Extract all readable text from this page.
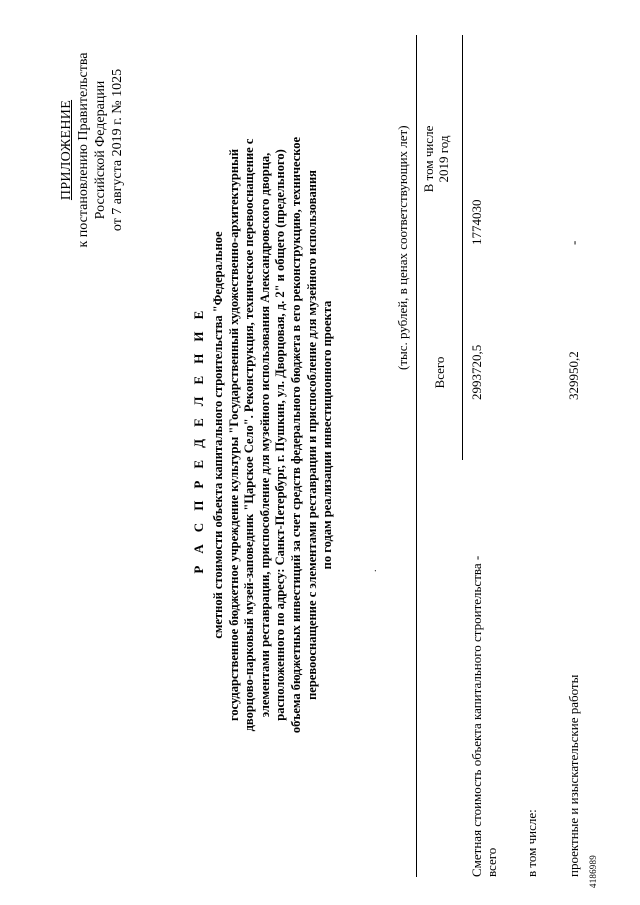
4186989
ПРИЛОЖЕНИЕ к постановлению Правительства Российской Федерации от 7 августа 2019 г. № 1025
Р А С П Р Е Д Е Л Е Н И Е сметной стоимости объекта капитального строительства "Федеральное государственное бюджетное учреждение культуры "Государственный художественно-архитектурный дворцово-парковый музей-заповедник "Царское Село". Реконструкция, техническое перевооснащение с элементами реставрации, приспособление для музейного использования Александровского дворца, расположенного по адресу: Санкт-Петербург, г. Пушкин, ул. Дворцовая, д. 2" и общего (предельного) объема бюджетных инвестиций за счет средств федерального бюджета в его реконструкцию, техническое перевооснащение с элементами реставрации и приспособление для музейного использования по годам реализации инвестиционного проекта
.
(тыс. рублей, в ценах соответствующих лет)
Всего
В том числе 2019 год
Сметная стоимость объекта капитального строительства - всего
2993720,5
1774030
в том числе: проектные и изыскательские работы
329950,2
-
